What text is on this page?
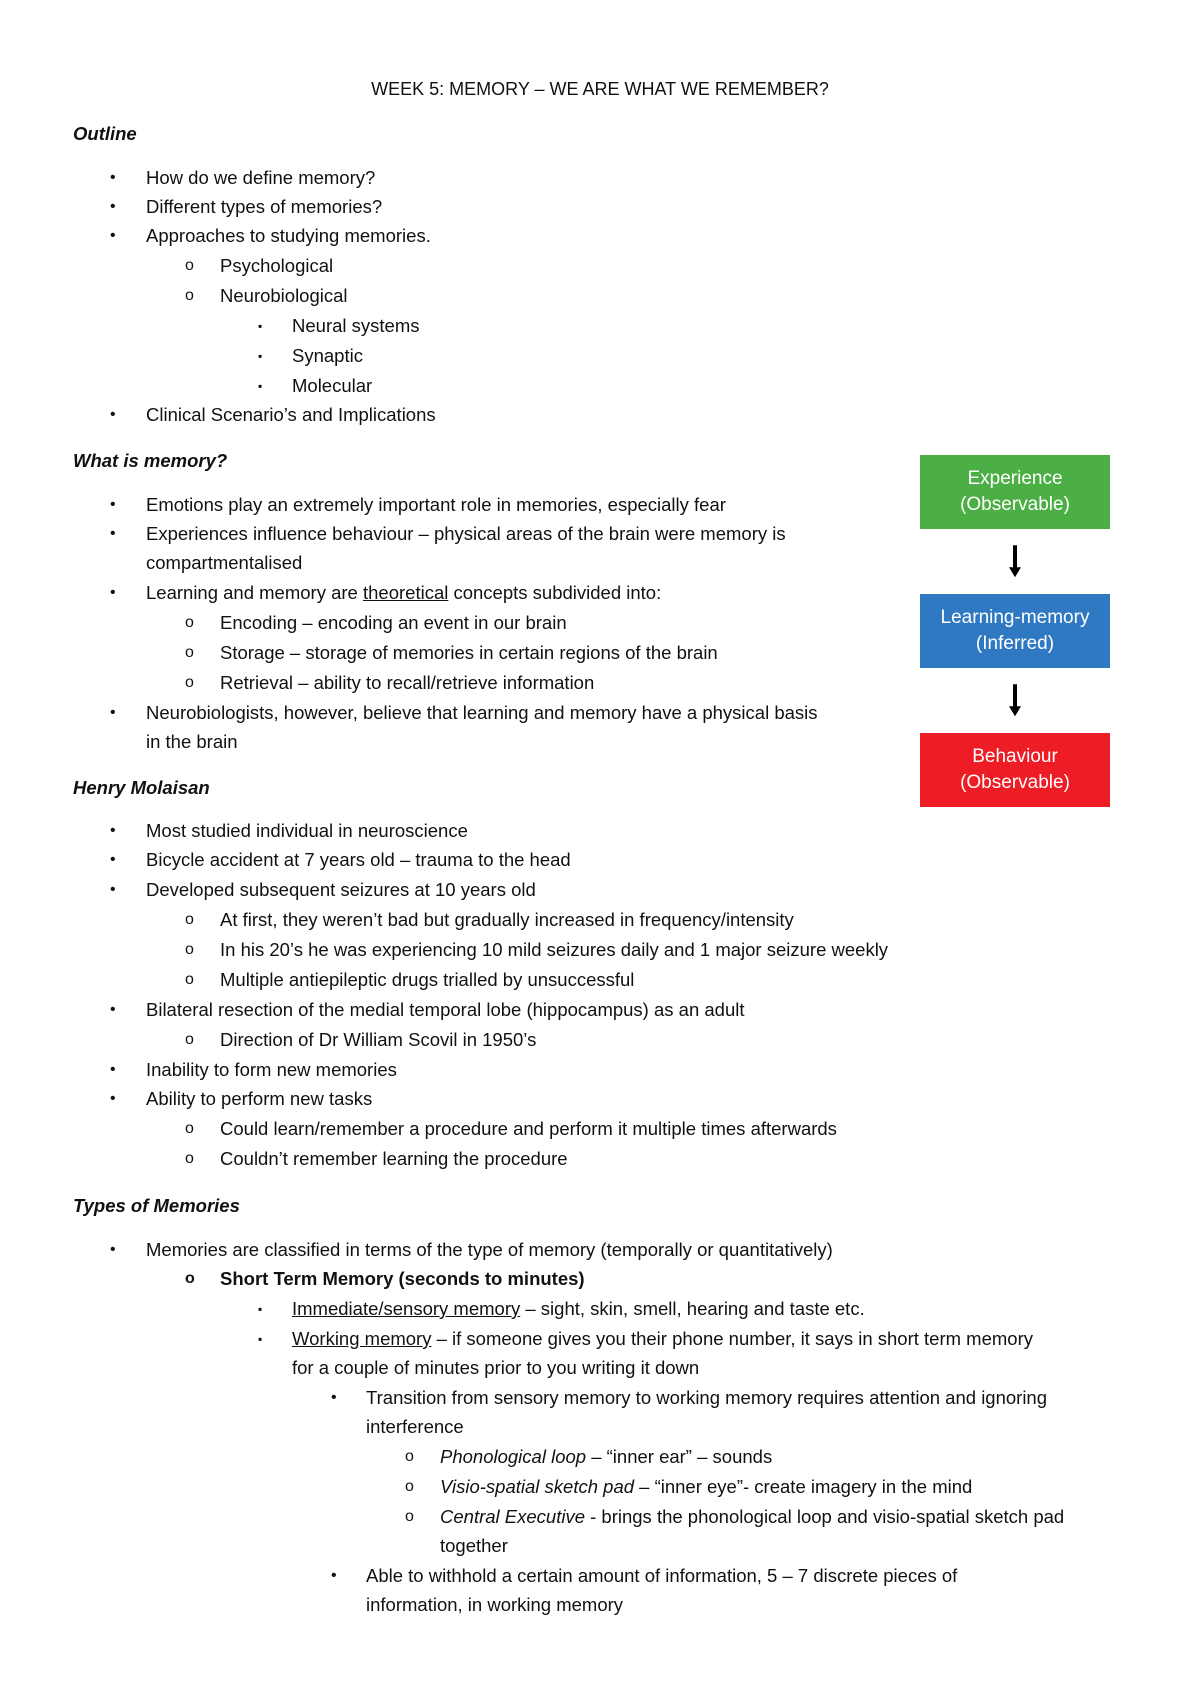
WEEK 5: MEMORY – WE ARE WHAT WE REMEMBER?
Outline
• How do we define memory?
• Different types of memories?
• Approaches to studying memories.
o Psychological
o Neurobiological
▪ Neural systems
▪ Synaptic
▪ Molecular
• Clinical Scenario’s and Implications
What is memory?
• Emotions play an extremely important role in memories, especially fear
• Experiences influence behaviour – physical areas of the brain were memory is
compartmentalised
• Learning and memory are theoretical concepts subdivided into:
o Encoding – encoding an event in our brain
o Storage – storage of memories in certain regions of the brain
o Retrieval – ability to recall/retrieve information
• Neurobiologists, however, believe that learning and memory have a physical basis
in the brain
Experience
(Observable)
Learning-memory
(Inferred)
Behaviour
(Observable)
Henry Molaisan
• Most studied individual in neuroscience
• Bicycle accident at 7 years old – trauma to the head
• Developed subsequent seizures at 10 years old
o At first, they weren’t bad but gradually increased in frequency/intensity
o In his 20’s he was experiencing 10 mild seizures daily and 1 major seizure weekly
o Multiple antiepileptic drugs trialled by unsuccessful
• Bilateral resection of the medial temporal lobe (hippocampus) as an adult
o Direction of Dr William Scovil in 1950’s
• Inability to form new memories
• Ability to perform new tasks
o Could learn/remember a procedure and perform it multiple times afterwards
o Couldn’t remember learning the procedure
Types of Memories
• Memories are classified in terms of the type of memory (temporally or quantitatively)
o Short Term Memory (seconds to minutes)
▪ Immediate/sensory memory – sight, skin, smell, hearing and taste etc.
▪ Working memory – if someone gives you their phone number, it says in short term memory
for a couple of minutes prior to you writing it down
• Transition from sensory memory to working memory requires attention and ignoring
interference
o Phonological loop – “inner ear” – sounds
o Visio-spatial sketch pad – “inner eye”- create imagery in the mind
o Central Executive - brings the phonological loop and visio-spatial sketch pad
together
• Able to withhold a certain amount of information, 5 – 7 discrete pieces of
information, in working memory
